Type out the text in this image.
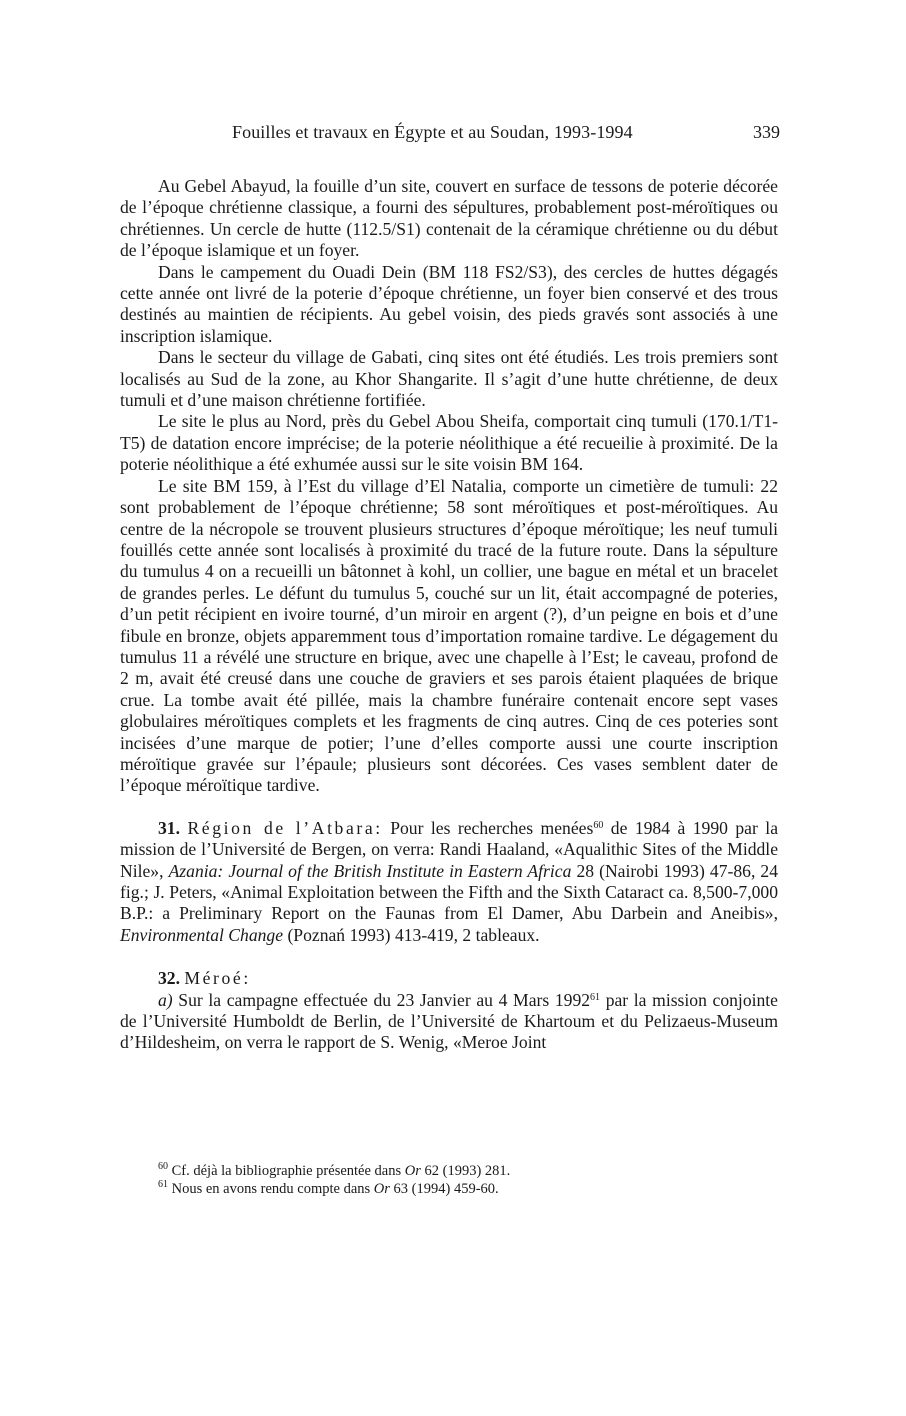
Fouilles et travaux en Égypte et au Soudan, 1993-1994	339

Au Gebel Abayud, la fouille d’un site, couvert en surface de tessons de poterie décorée de l’époque chrétienne classique, a fourni des sépultures, probablement post-méroïtiques ou chrétiennes. Un cercle de hutte (112.5/S1) contenait de la céramique chrétienne ou du début de l’époque islamique et un foyer.

Dans le campement du Ouadi Dein (BM 118 FS2/S3), des cercles de huttes dégagés cette année ont livré de la poterie d’époque chrétienne, un foyer bien conservé et des trous destinés au maintien de récipients. Au gebel voisin, des pieds gravés sont associés à une inscription islamique.

Dans le secteur du village de Gabati, cinq sites ont été étudiés. Les trois premiers sont localisés au Sud de la zone, au Khor Shangarite. Il s’agit d’une hutte chrétienne, de deux tumuli et d’une maison chrétienne fortifiée.

Le site le plus au Nord, près du Gebel Abou Sheifa, comportait cinq tumuli (170.1/T1-T5) de datation encore imprécise; de la poterie néolithique a été recueilie à proximité. De la poterie néolithique a été exhumée aussi sur le site voisin BM 164.

Le site BM 159, à l’Est du village d’El Natalia, comporte un cimetière de tumuli: 22 sont probablement de l’époque chrétienne; 58 sont méroïtiques et post-méroïtiques. Au centre de la nécropole se trouvent plusieurs structures d’époque méroïtique; les neuf tumuli fouillés cette année sont localisés à proximité du tracé de la future route. Dans la sépulture du tumulus 4 on a recueilli un bâtonnet à kohl, un collier, une bague en métal et un bracelet de grandes perles. Le défunt du tumulus 5, couché sur un lit, était accompagné de poteries, d’un petit récipient en ivoire tourné, d’un miroir en argent (?), d’un peigne en bois et d’une fibule en bronze, objets apparemment tous d’importation romaine tardive. Le dégagement du tumulus 11 a révélé une structure en brique, avec une chapelle à l’Est; le caveau, profond de 2 m, avait été creusé dans une couche de graviers et ses parois étaient plaquées de brique crue. La tombe avait été pillée, mais la chambre funéraire contenait encore sept vases globulaires méroïtiques complets et les fragments de cinq autres. Cinq de ces poteries sont incisées d’une marque de potier; l’une d’elles comporte aussi une courte inscription méroïtique gravée sur l’épaule; plusieurs sont décorées. Ces vases semblent dater de l’époque méroïtique tardive.

31. Région de l’Atbara: Pour les recherches menées$^{60}$ de 1984 à 1990 par la mission de l’Université de Bergen, on verra: Randi Haaland, «Aqualithic Sites of the Middle Nile», Azania: Journal of the British Institute in Eastern Africa 28 (Nairobi 1993) 47-86, 24 fig.; J. Peters, «Animal Exploitation between the Fifth and the Sixth Cataract ca. 8,500-7,000 B.P.: a Preliminary Report on the Faunas from El Damer, Abu Darbein and Aneibis», Environmental Change (Poznań 1993) 413-419, 2 tableaux.

32. Méroé:

a) Sur la campagne effectuée du 23 Janvier au 4 Mars 1992$^{61}$ par la mission conjointe de l’Université Humboldt de Berlin, de l’Université de Khartoum et du Pelizaeus-Museum d’Hildesheim, on verra le rapport de S. Wenig, «Meroe Joint

$^{60}$ Cf. déjà la bibliographie présentée dans Or 62 (1993) 281.

$^{61}$ Nous en avons rendu compte dans Or 63 (1994) 459-60.
